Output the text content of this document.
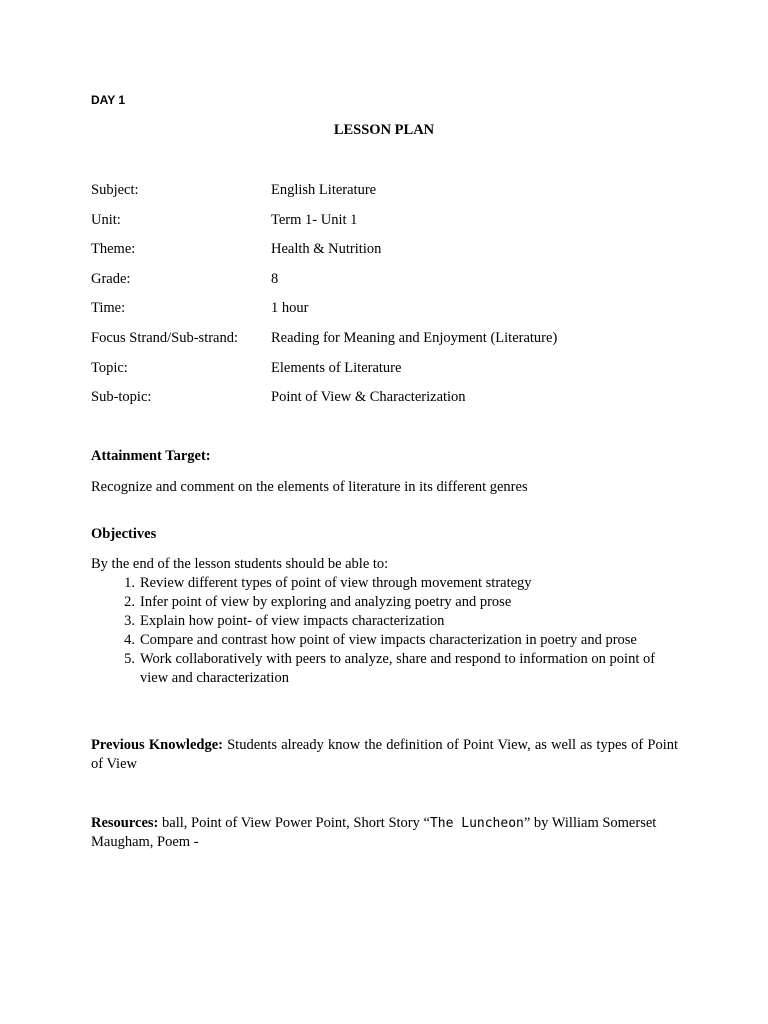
DAY 1
LESSON PLAN
Subject:	English Literature
Unit:	Term 1- Unit 1
Theme:	Health & Nutrition
Grade:	8
Time:	1 hour
Focus Strand/Sub-strand:	Reading for Meaning and Enjoyment (Literature)
Topic:	Elements of Literature
Sub-topic:	Point of View & Characterization
Attainment Target:
Recognize and comment on the elements of literature in its different genres
Objectives
By the end of the lesson students should be able to:
1. Review different types of point of view through movement strategy
2. Infer point of view by exploring and analyzing poetry and prose
3. Explain how point- of view impacts characterization
4. Compare and contrast how point of view impacts characterization in poetry and prose
5. Work collaboratively with peers to analyze, share and respond to information on point of view and characterization
Previous Knowledge: Students already know the definition of Point View, as well as types of Point of View
Resources: ball, Point of View Power Point, Short Story “The Luncheon” by William Somerset Maugham, Poem -
